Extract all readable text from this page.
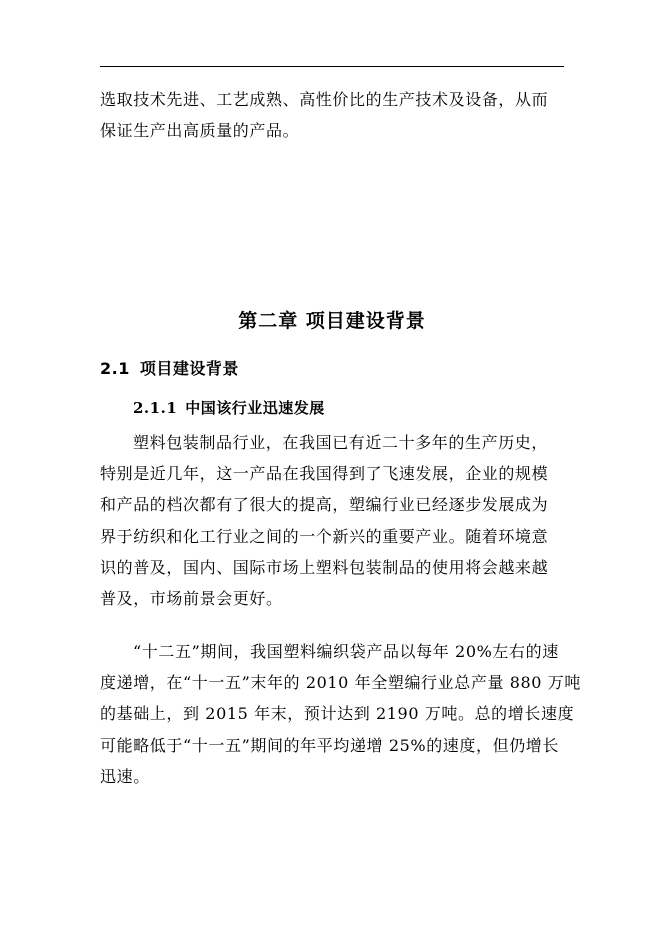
选取技术先进、工艺成熟、高性价比的生产技术及设备，从而
保证生产出高质量的产品。
第二章 项目建设背景
2.1 项目建设背景
2.1.1 中国该行业迅速发展
塑料包装制品行业，在我国已有近二十多年的生产历史，
特别是近几年，这一产品在我国得到了飞速发展，企业的规模
和产品的档次都有了很大的提高，塑编行业已经逐步发展成为
界于纺织和化工行业之间的一个新兴的重要产业。随着环境意
识的普及，国内、国际市场上塑料包装制品的使用将会越来越
普及，市场前景会更好。
“十二五”期间，我国塑料编织袋产品以每年 20%左右的速
度递增，在“十一五”末年的 2010 年全塑编行业总产量 880 万吨
的基础上，到 2015 年末，预计达到 2190 万吨。总的增长速度
可能略低于“十一五”期间的年平均递增 25%的速度，但仍增长
迅速。
